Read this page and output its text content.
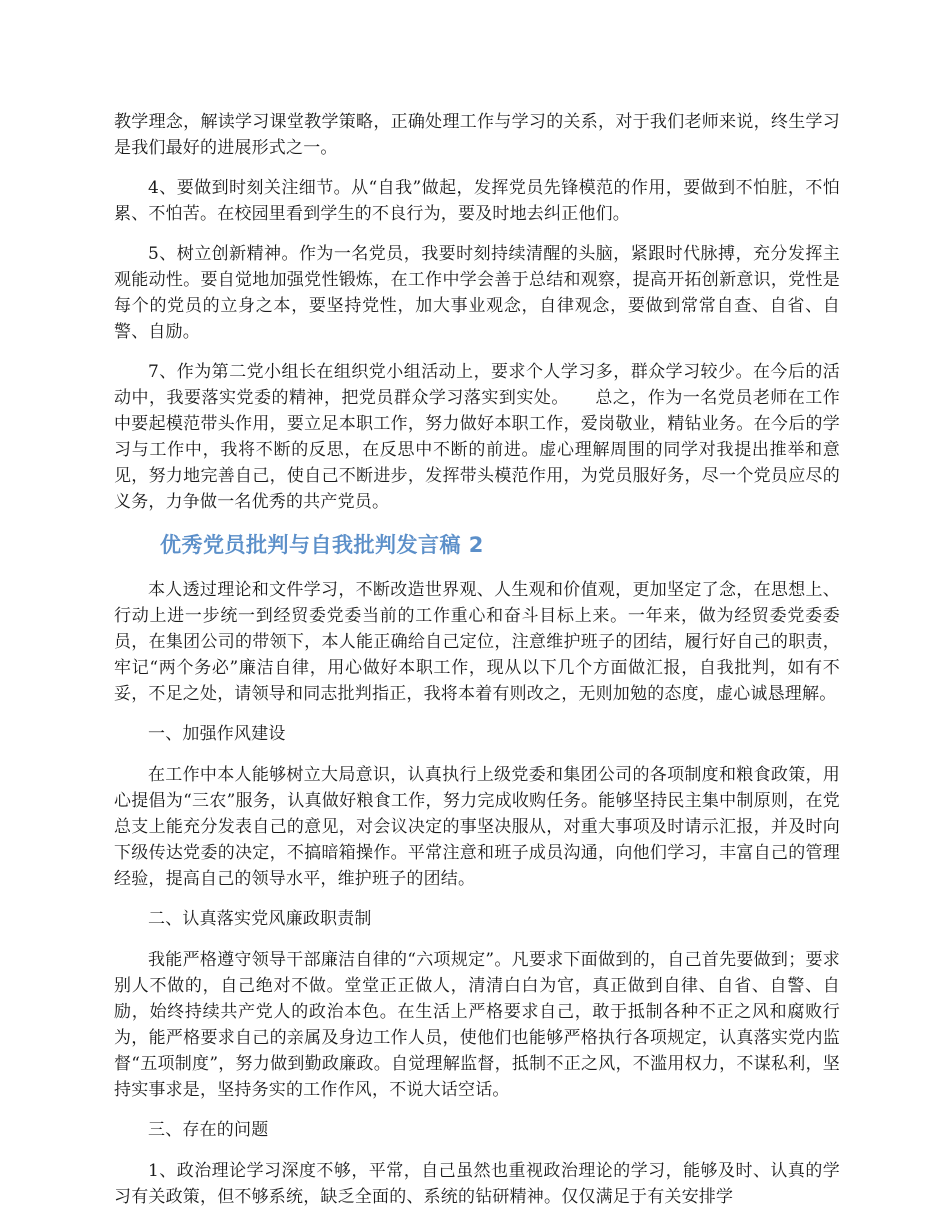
教学理念，解读学习课堂教学策略，正确处理工作与学习的关系，对于我们老师来说，终生学习是我们最好的进展形式之一。

4、要做到时刻关注细节。从“自我”做起，发挥党员先锋模范的作用，要做到不怕脏，不怕累、不怕苦。在校园里看到学生的不良行为，要及时地去纠正他们。

5、树立创新精神。作为一名党员，我要时刻持续清醒的头脑，紧跟时代脉搏，充分发挥主观能动性。要自觉地加强党性锻炼，在工作中学会善于总结和观察，提高开拓创新意识，党性是每个的党员的立身之本，要坚持党性，加大事业观念，自律观念，要做到常常自查、自省、自警、自励。

7、作为第二党小组长在组织党小组活动上，要求个人学习多，群众学习较少。在今后的活动中，我要落实党委的精神，把党员群众学习落实到实处。　　总之，作为一名党员老师在工作中要起模范带头作用，要立足本职工作，努力做好本职工作，爱岗敬业，精钻业务。在今后的学习与工作中，我将不断的反思，在反思中不断的前进。虚心理解周围的同学对我提出推举和意见，努力地完善自己，使自己不断进步，发挥带头模范作用，为党员服好务，尽一个党员应尽的义务，力争做一名优秀的共产党员。

优秀党员批判与自我批判发言稿 2

本人透过理论和文件学习，不断改造世界观、人生观和价值观，更加坚定了念，在思想上、行动上进一步统一到经贸委党委当前的工作重心和奋斗目标上来。一年来，做为经贸委党委委员，在集团公司的带领下，本人能正确给自己定位，注意维护班子的团结，履行好自己的职责，牢记“两个务必”廉洁自律，用心做好本职工作，现从以下几个方面做汇报，自我批判，如有不妥，不足之处，请领导和同志批判指正，我将本着有则改之，无则加勉的态度，虚心诚恳理解。

一、加强作风建设

在工作中本人能够树立大局意识，认真执行上级党委和集团公司的各项制度和粮食政策，用心提倡为“三农”服务，认真做好粮食工作，努力完成收购任务。能够坚持民主集中制原则，在党总支上能充分发表自己的意见，对会议决定的事坚决服从，对重大事项及时请示汇报，并及时向下级传达党委的决定，不搞暗箱操作。平常注意和班子成员沟通，向他们学习，丰富自己的管理经验，提高自己的领导水平，维护班子的团结。

二、认真落实党风廉政职责制

我能严格遵守领导干部廉洁自律的“六项规定”。凡要求下面做到的，自己首先要做到；要求别人不做的，自己绝对不做。堂堂正正做人，清清白白为官，真正做到自律、自省、自警、自励，始终持续共产党人的政治本色。在生活上严格要求自己，敢于抵制各种不正之风和腐败行为，能严格要求自己的亲属及身边工作人员，使他们也能够严格执行各项规定，认真落实党内监督“五项制度”，努力做到勤政廉政。自觉理解监督，抵制不正之风，不滥用权力，不谋私利，坚持实事求是，坚持务实的工作作风，不说大话空话。

三、存在的问题

1、政治理论学习深度不够，平常，自己虽然也重视政治理论的学习，能够及时、认真的学习有关政策，但不够系统，缺乏全面的、系统的钻研精神。仅仅满足于有关安排学
